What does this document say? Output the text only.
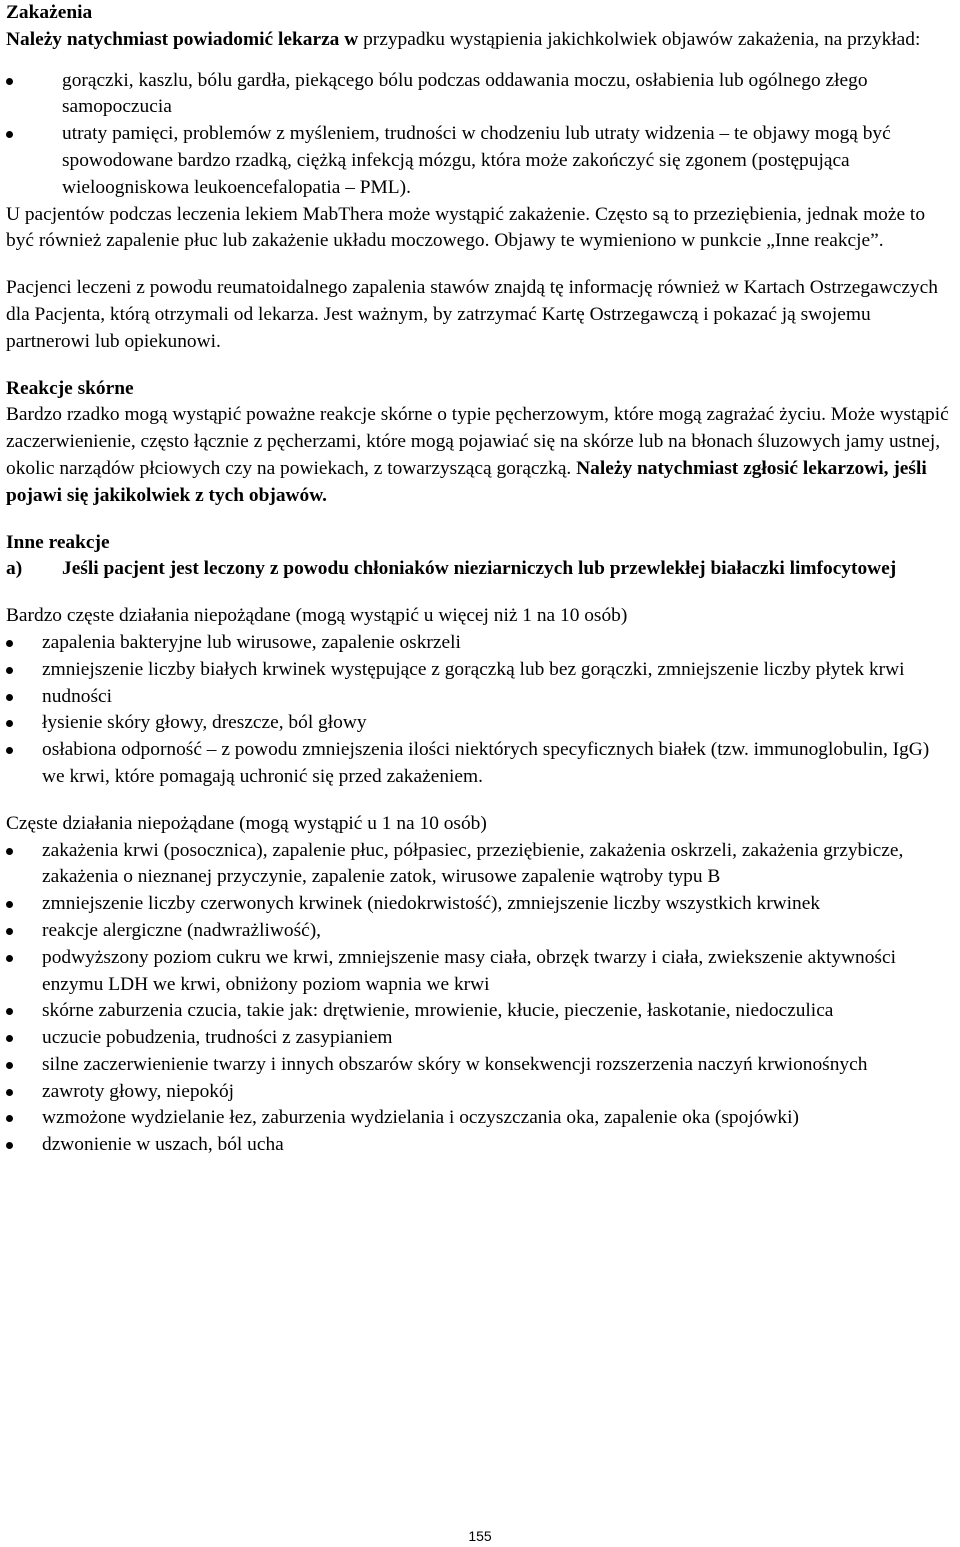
Zakażenia

Należy natychmiast powiadomić lekarza w przypadku wystąpienia jakichkolwiek objawów zakażenia, na przykład:

gorączki, kaszlu, bólu gardła, piekącego bólu podczas oddawania moczu, osłabienia lub ogólnego złego samopoczucia
utraty pamięci, problemów z myśleniem, trudności w chodzeniu lub utraty widzenia – te objawy mogą być spowodowane bardzo rzadką, ciężką infekcją mózgu, która może zakończyć się zgonem (postępująca wieloogniskowa leukoencefalopatia – PML).

U pacjentów podczas leczenia lekiem MabThera może wystąpić zakażenie. Często są to przeziębienia, jednak może to być również zapalenie płuc lub zakażenie układu moczowego. Objawy te wymieniono w punkcie „Inne reakcje”.

Pacjenci leczeni z powodu reumatoidalnego zapalenia stawów znajdą tę informację również w Kartach Ostrzegawczych dla Pacjenta, którą otrzymali od lekarza. Jest ważnym, by zatrzymać Kartę Ostrzegawczą i pokazać ją swojemu partnerowi lub opiekunowi.

Reakcje skórne

Bardzo rzadko mogą wystąpić poważne reakcje skórne o typie pęcherzowym, które mogą zagrażać życiu. Może wystąpić zaczerwienienie, często łącznie z pęcherzami, które mogą pojawiać się na skórze lub na błonach śluzowych jamy ustnej, okolic narządów płciowych czy na powiekach, z towarzyszącą gorączką. Należy natychmiast zgłosić lekarzowi, jeśli pojawi się jakikolwiek z tych objawów.

Inne reakcje

a) Jeśli pacjent jest leczony z powodu chłoniaków nieziarniczych lub przewlekłej białaczki limfocytowej

Bardzo częste działania niepożądane (mogą wystąpić u więcej niż 1 na 10 osób)

zapalenia bakteryjne lub wirusowe, zapalenie oskrzeli
zmniejszenie liczby białych krwinek występujące z gorączką lub bez gorączki, zmniejszenie liczby płytek krwi
nudności
łysienie skóry głowy, dreszcze, ból głowy
osłabiona odporność – z powodu zmniejszenia ilości niektórych specyficznych białek (tzw. immunoglobulin, IgG) we krwi, które pomagają uchronić się przed zakażeniem.

Częste działania niepożądane (mogą wystąpić u 1 na 10 osób)

zakażenia krwi (posocznica), zapalenie płuc, półpasiec, przeziębienie, zakażenia oskrzeli, zakażenia grzybicze, zakażenia o nieznanej przyczynie, zapalenie zatok, wirusowe zapalenie wątroby typu B
zmniejszenie liczby czerwonych krwinek (niedokrwistość), zmniejszenie liczby wszystkich krwinek
reakcje alergiczne (nadwrażliwość),
podwyższony poziom cukru we krwi, zmniejszenie masy ciała, obrzęk twarzy i ciała, zwiekszenie aktywności enzymu LDH we krwi, obniżony poziom wapnia we krwi
skórne zaburzenia czucia, takie jak: drętwienie, mrowienie, kłucie, pieczenie, łaskotanie, niedoczulica
uczucie pobudzenia, trudności z zasypianiem
silne zaczerwienienie twarzy i innych obszarów skóry w konsekwencji rozszerzenia naczyń krwionośnych
zawroty głowy, niepokój
wzmożone wydzielanie łez, zaburzenia wydzielania i oczyszczania oka, zapalenie oka (spojówki)
dzwonienie w uszach, ból ucha
155
